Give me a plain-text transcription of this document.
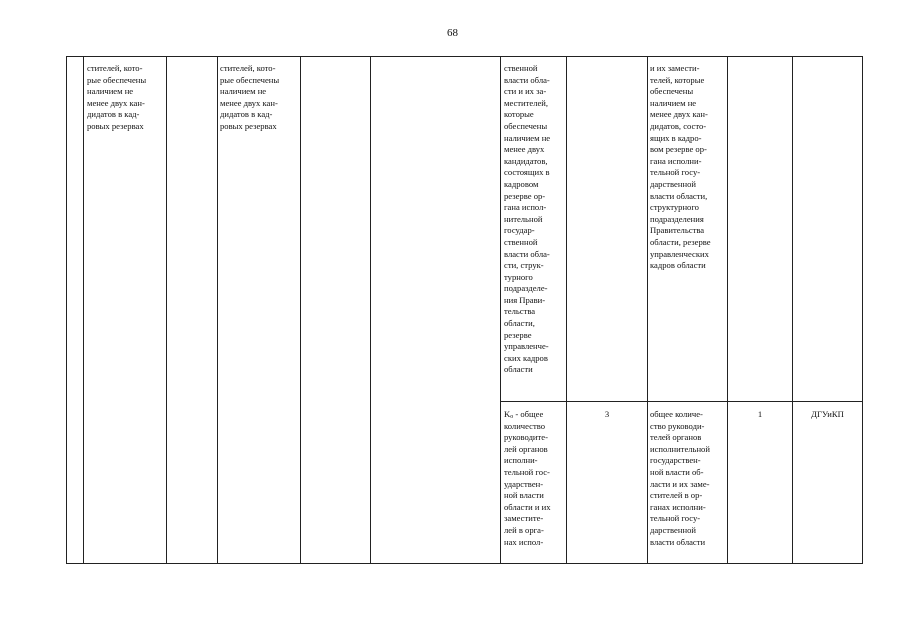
68
стителей, кото-
рые обеспечены
наличием не
менее двух кан-
дидатов в кад-
ровых резервах
стителей, кото-
рые обеспечены
наличием не
менее двух кан-
дидатов в кад-
ровых резервах
ственной
власти обла-
сти и их за-
местителей,
которые
обеспечены
наличием не
менее двух
кандидатов,
состоящих в
кадровом
резерве ор-
гана испол-
нительной
государ-
ственной
власти обла-
сти, струк-
турного
подразделе-
ния Прави-
тельства
области,
резерве
управленче-
ских кадров
области
и их замести-
телей, которые
обеспечены
наличием не
менее двух кан-
дидатов, состо-
ящих в кадро-
вом резерве ор-
гана исполни-
тельной госу-
дарственной
власти области,
структурного
подразделения
Правительства
области, резерве
управленческих
кадров области
$K_о$ - общее
количество
руководите-
лей органов
исполни-
тельной гос-
ударствен-
ной власти
области и их
заместите-
лей в орга-
нах испол-
3	общее количе-
ство руководи-
телей органов
исполнительной
государствен-
ной власти об-
ласти и их заме-
стителей в ор-
ганах исполни-
тельной госу-
дарственной
власти области
1	ДГУиКП
